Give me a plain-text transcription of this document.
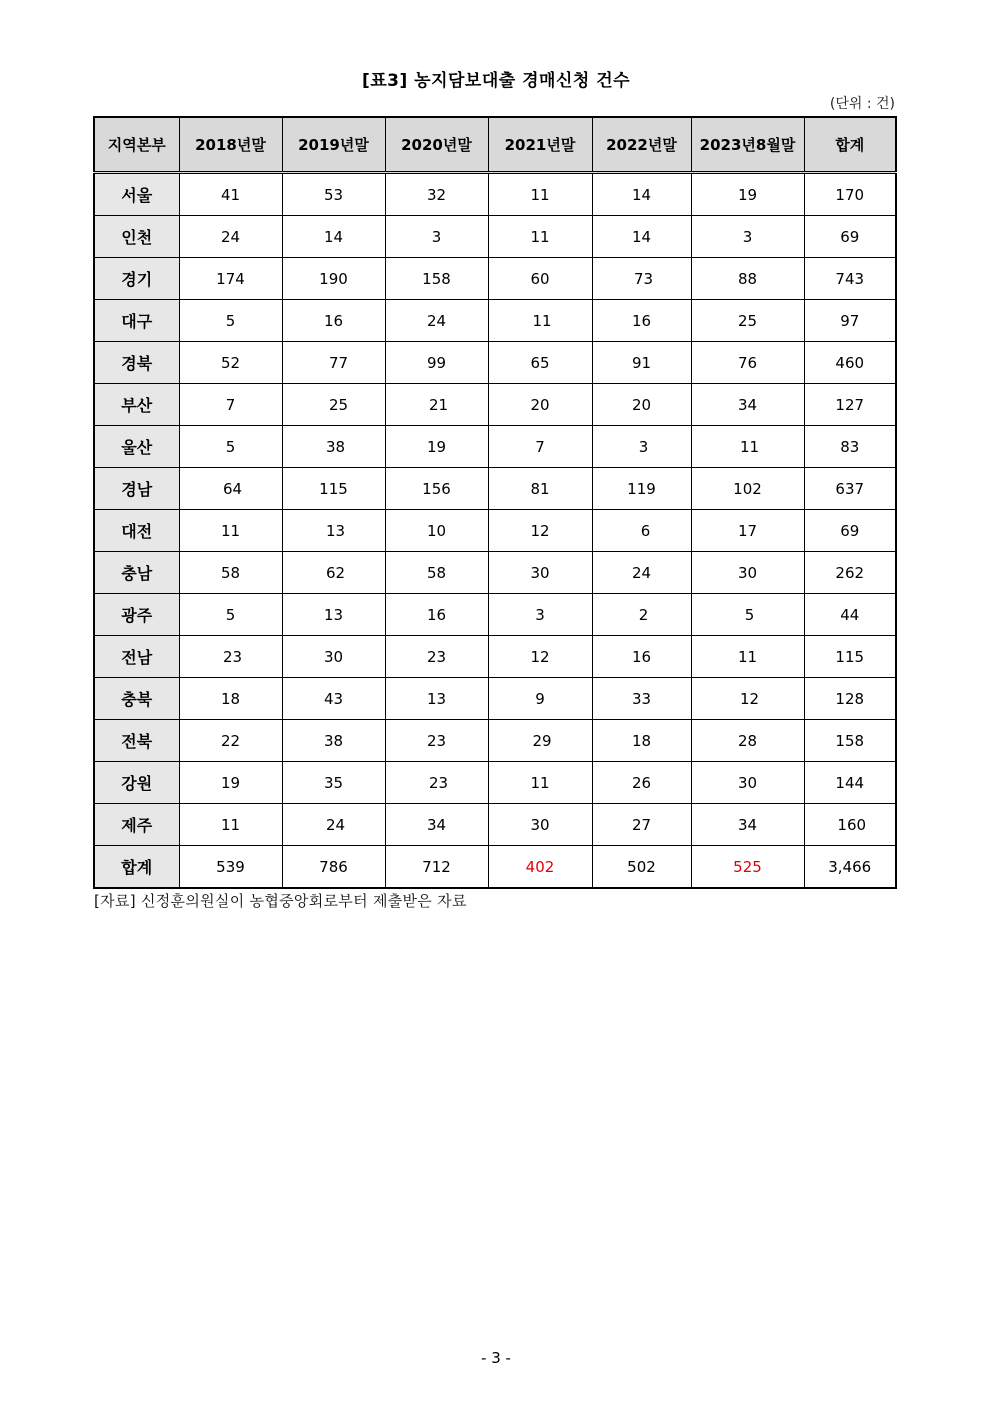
[표3] 농지담보대출 경매신청 건수
(단위 : 건)
지역본부	2018년말	2019년말	2020년말	2021년말	2022년말	2023년8월말	합계
서울	41	53	32	11	14	19	170
인천	24	14	3	11	14	3	69
경기	174	190	158	60	73	88	743
대구	5	16	24	11	16	25	97
경북	52	77	99	65	91	76	460
부산	7	25	21	20	20	34	127
울산	5	38	19	7	3	11	83
경남	64	115	156	81	119	102	637
대전	11	13	10	12	6	17	69
충남	58	62	58	30	24	30	262
광주	5	13	16	3	2	5	44
전남	23	30	23	12	16	11	115
충북	18	43	13	9	33	12	128
전북	22	38	23	29	18	28	158
강원	19	35	23	11	26	30	144
제주	11	24	34	30	27	34	160
합계	539	786	712	402	502	525	3,466
[자료] 신정훈의원실이 농협중앙회로부터 제출받은 자료
- 3 -
